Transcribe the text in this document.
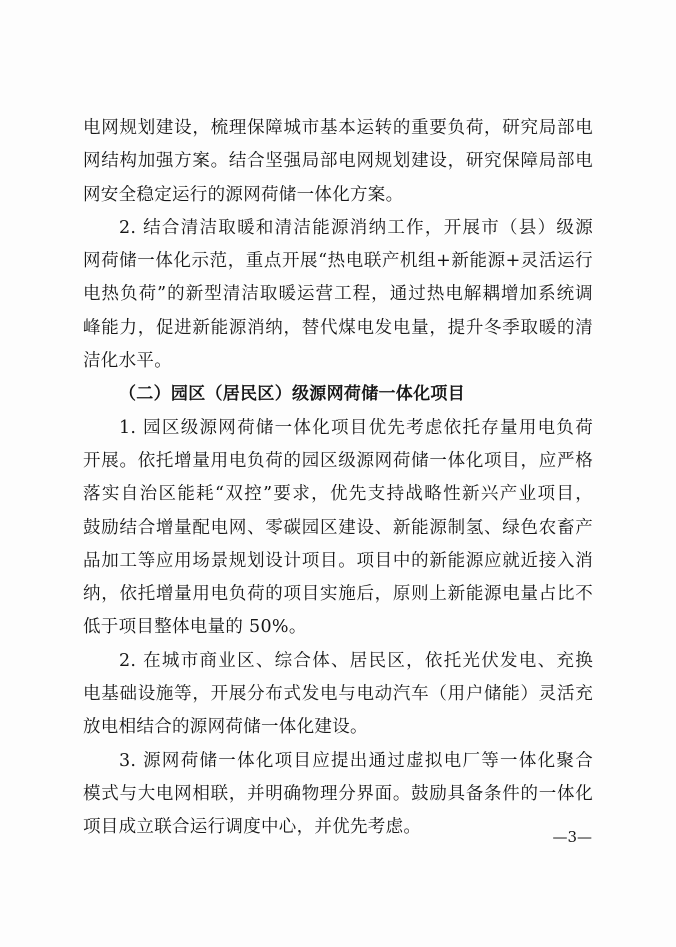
电网规划建设，梳理保障城市基本运转的重要负荷，研究局部电
网结构加强方案。结合坚强局部电网规划建设，研究保障局部电
网安全稳定运行的源网荷储一体化方案。
2. 结合清洁取暖和清洁能源消纳工作，开展市（县）级源
网荷储一体化示范，重点开展“热电联产机组+新能源+灵活运行
电热负荷”的新型清洁取暖运营工程，通过热电解耦增加系统调
峰能力，促进新能源消纳，替代煤电发电量，提升冬季取暖的清
洁化水平。
（二）园区（居民区）级源网荷储一体化项目
1. 园区级源网荷储一体化项目优先考虑依托存量用电负荷
开展。依托增量用电负荷的园区级源网荷储一体化项目，应严格
落实自治区能耗“双控”要求，优先支持战略性新兴产业项目，
鼓励结合增量配电网、零碳园区建设、新能源制氢、绿色农畜产
品加工等应用场景规划设计项目。项目中的新能源应就近接入消
纳，依托增量用电负荷的项目实施后，原则上新能源电量占比不
低于项目整体电量的 50%。
2. 在城市商业区、综合体、居民区，依托光伏发电、充换
电基础设施等，开展分布式发电与电动汽车（用户储能）灵活充
放电相结合的源网荷储一体化建设。
3. 源网荷储一体化项目应提出通过虚拟电厂等一体化聚合
模式与大电网相联，并明确物理分界面。鼓励具备条件的一体化
项目成立联合运行调度中心，并优先考虑。	—3—
